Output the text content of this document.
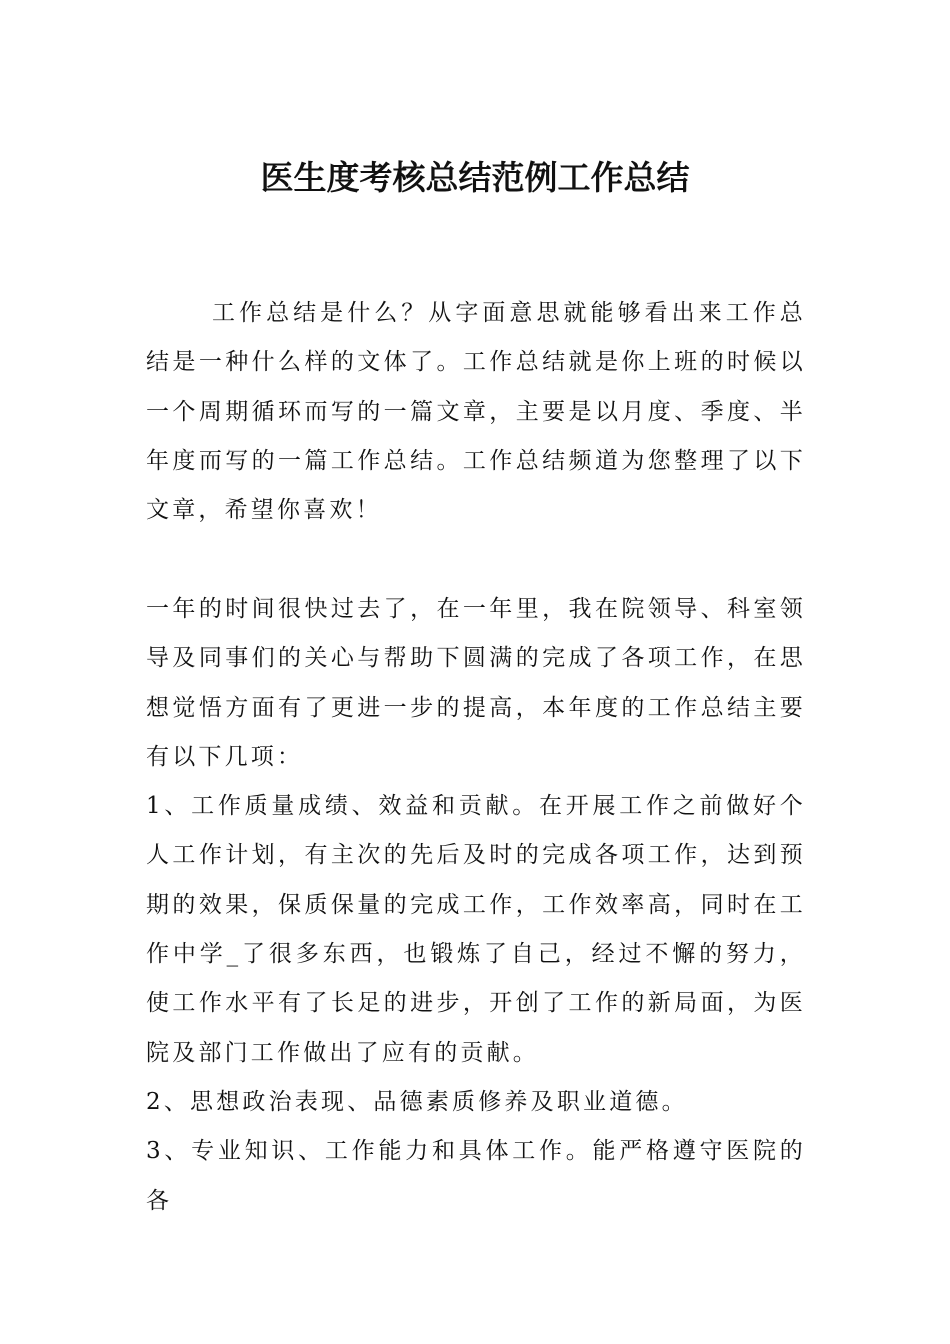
医生度考核总结范例工作总结

工作总结是什么？从字面意思就能够看出来工作总结是一种什么样的文体了。工作总结就是你上班的时候以一个周期循环而写的一篇文章，主要是以月度、季度、半年度而写的一篇工作总结。工作总结频道为您整理了以下文章，希望你喜欢！

一年的时间很快过去了，在一年里，我在院领导、科室领导及同事们的关心与帮助下圆满的完成了各项工作，在思想觉悟方面有了更进一步的提高，本年度的工作总结主要有以下几项：

1、工作质量成绩、效益和贡献。在开展工作之前做好个人工作计划，有主次的先后及时的完成各项工作，达到预期的效果，保质保量的完成工作，工作效率高，同时在工作中学_了很多东西，也锻炼了自己，经过不懈的努力，使工作水平有了长足的进步，开创了工作的新局面，为医院及部门工作做出了应有的贡献。

2、思想政治表现、品德素质修养及职业道德。

3、专业知识、工作能力和具体工作。能严格遵守医院的各
